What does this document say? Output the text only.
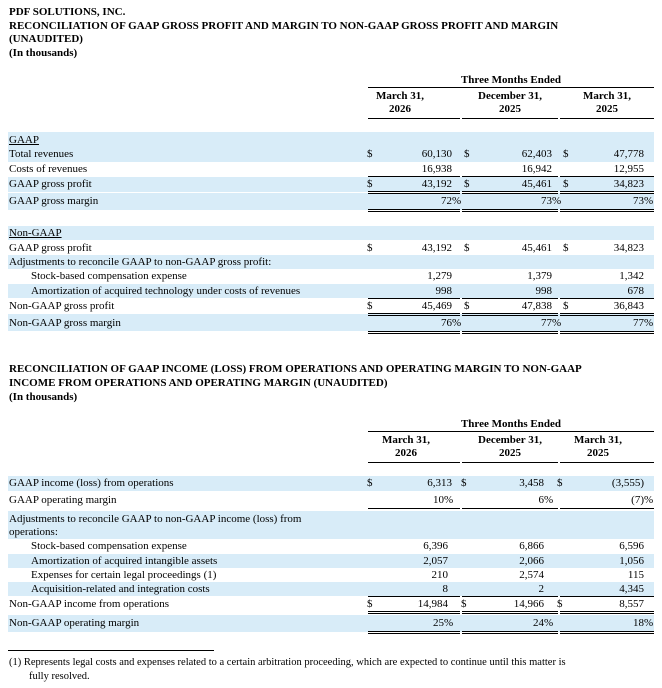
PDF SOLUTIONS, INC.
RECONCILIATION OF GAAP GROSS PROFIT AND MARGIN TO NON-GAAP GROSS PROFIT AND MARGIN
(UNAUDITED)
(In thousands)
Three Months Ended
March 31,
2026
December 31,
2025
March 31,
2025
GAAP
Total revenues	$	60,130 $	62,403 $	47,778
Costs of revenues	16,938	16,942	12,955
GAAP gross profit	$	43,192 $	45,461 $	34,823
GAAP gross margin	72 %	73 %	73 %
Non-GAAP
GAAP gross profit	$	43,192 $	45,461 $	34,823
Adjustments to reconcile GAAP to non-GAAP gross profit:
Stock-based compensation expense	1,279	1,379	1,342
Amortization of acquired technology under costs of revenues	998	998	678
Non-GAAP gross profit	$	45,469 $	47,838 $	36,843
Non-GAAP gross margin	76 %	77 %	77 %
RECONCILIATION OF GAAP INCOME (LOSS) FROM OPERATIONS AND OPERATING MARGIN TO NON-GAAP
INCOME FROM OPERATIONS AND OPERATING MARGIN (UNAUDITED)
(In thousands)
Three Months Ended
March 31,
2026
December 31,
2025
March 31,
2025
GAAP income (loss) from operations	$	6,313 $	3,458 $	(3,555)
GAAP operating margin	10 %	6 %	(7) %
Adjustments to reconcile GAAP to non-GAAP income (loss) from
operations:
Stock-based compensation expense	6,396	6,866	6,596
Amortization of acquired intangible assets	2,057	2,066	1,056
Expenses for certain legal proceedings (1)	210	2,574	115
Acquisition-related and integration costs	8	2	4,345
Non-GAAP income from operations	$	14,984 $	14,966 $	8,557
Non-GAAP operating margin	25 %	24 %	18 %
(1) Represents legal costs and expenses related to a certain arbitration proceeding, which are expected to continue until this matter is
fully resolved.
